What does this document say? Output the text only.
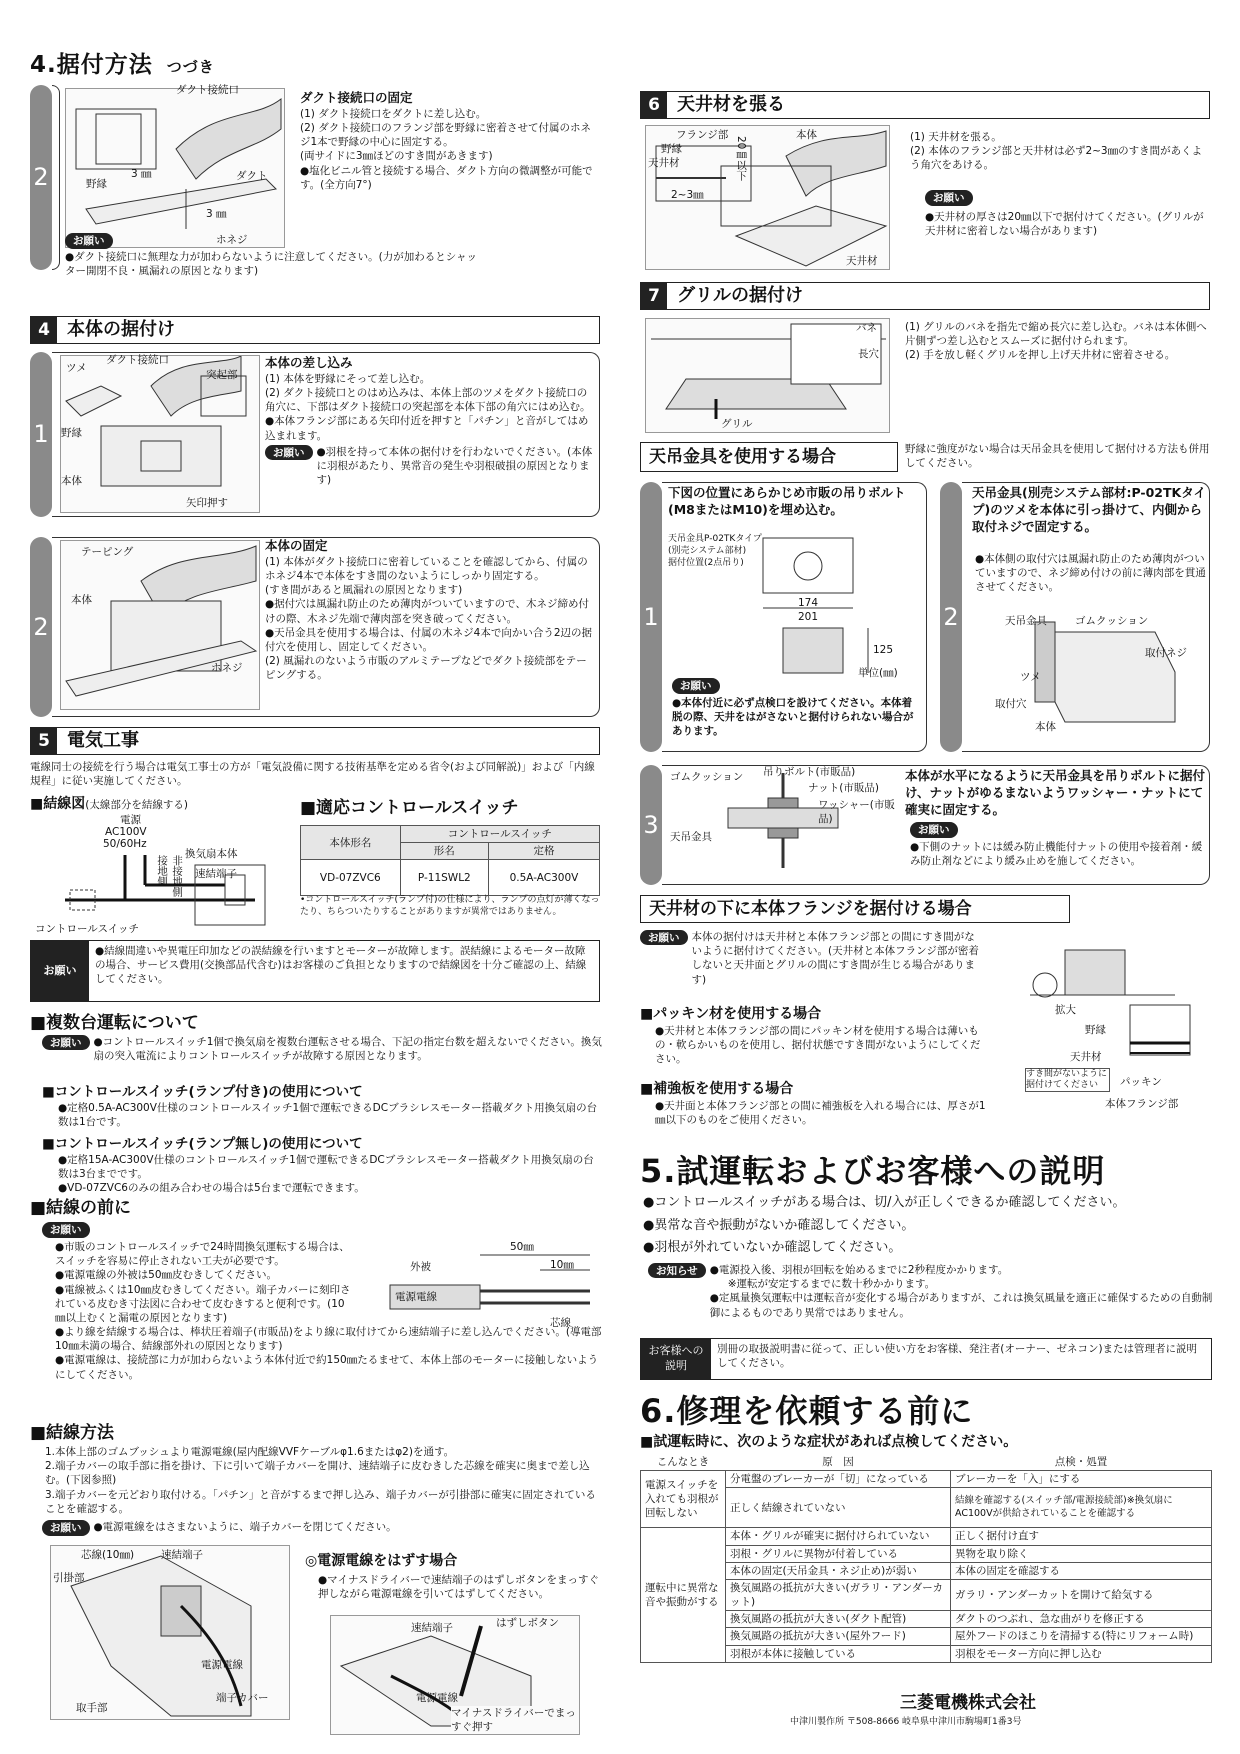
4.据付方法 つづき
2
ダクト接続口
ダクト
野縁
3 ㎜
3 ㎜
ホネジ
ダクト接続口の固定

(1) ダクト接続口をダクトに差し込む。

(2) ダクト接続口のフランジ部を野縁に密着させて付属のホネジ1本で野縁の中心に固定する。

(両サイドに3㎜ほどのすき間があきます)

●塩化ビニル管と接続する場合、ダクト方向の微調整が可能です。(全方向7°)

お願い
●ダクト接続口に無理な力が加わらないように注意してください。(力が加わるとシャッター開閉不良・風漏れの原因となります)
4 本体の据付け
1
ツメ
ダクト接続口
突起部
野縁
本体
矢印押す
本体の差し込み

(1) 本体を野縁にそって差し込む。

(2) ダクト接続口とのはめ込みは、本体上部のツメをダクト接続口の角穴に、下部はダクト接続口の突起部を本体下部の角穴にはめ込む。

●本体フランジ部にある矢印付近を押すと「パチン」と音がしてはめ込まれます。

お願い	●羽根を持って本体の据付けを行わないでください。(本体に羽根があたり、異常音の発生や羽根破損の原因となります)
2
テーピング
本体
ホネジ
本体の固定

(1) 本体がダクト接続口に密着していることを確認してから、付属のホネジ4本で本体をすき間のないようにしっかり固定する。

(すき間があると風漏れの原因となります)

●据付穴は風漏れ防止のため薄肉がついていますので、木ネジ締め付けの際、木ネジ先端で薄肉部を突き破ってください。

●天吊金具を使用する場合は、付属の木ネジ4本で向かい合う2辺の据付穴を使用し、固定してください。

(2) 風漏れのないよう市販のアルミテープなどでダクト接続部をテーピングする。

5 電気工事
電線同士の接続を行う場合は電気工事士の方が「電気設備に関する技術基準を定める省令(および同解説)」および「内線規程」に従い実施してください。
■結線図(太線部分を結線する)
電源
AC100V
50/60Hz
接地側 非接地側
換気扇本体
速結端子
コントロールスイッチ
■適応コントロールスイッチ
本体形名	コントロールスイッチ	
	形名	定格
VD-07ZVC6	P-11SWL2	0.5A-AC300V
•コントロールスイッチ(ランプ付)の仕様により、ランプの点灯が薄くなったり、ちらついたりすることがありますが異常ではありません。
お願い
●結線間違いや異電圧印加などの誤結線を行いますとモーターが故障します。誤結線によるモーター故障の場合、サービス費用(交換部品代含む)はお客様のご負担となりますので結線図を十分ご確認の上、結線してください。
■複数台運転について
お願い	●コントロールスイッチ1個で換気扇を複数台運転させる場合、下記の指定台数を超えないでください。換気扇の突入電流によりコントロールスイッチが故障する原因となります。
■コントロールスイッチ(ランプ付き)の使用について
●定格0.5A-AC300V仕様のコントロールスイッチ1個で運転できるDCブラシレスモーター搭載ダクト用換気扇の台数は1台です。
■コントロールスイッチ(ランプ無し)の使用について

●定格15A-AC300V仕様のコントロールスイッチ1個で運転できるDCブラシレスモーター搭載ダクト用換気扇の台数は3台までです。

●VD-07ZVC6のみの組み合わせの場合は5台まで運転できます。

■結線の前に
お願い

●市販のコントロールスイッチで24時間換気運転する場合は、スイッチを容易に停止されない工夫が必要です。

●電源電線の外被は50㎜皮むきしてください。

●電線被ふくは10㎜皮むきしてください。端子カバーに刻印されている皮むき寸法図に合わせて皮むきすると便利です。(10㎜以上むくと漏電の原因となります)

●より線を結線する場合は、棒状圧着端子(市販品)をより線に取付けてから速結端子に差し込んでください。(導電部10㎜未満の場合、結線部外れの原因となります)

●電源電線は、接続部に力が加わらないよう本体付近で約150㎜たるませて、本体上部のモーターに接触しないようにしてください。

外被
50㎜
10㎜
電源電線
芯線
■結線方法

1.本体上部のゴムブッシュより電源電線(屋内配線VVFケーブルφ1.6またはφ2)を通す。

2.端子カバーの取手部に指を掛け、下に引いて端子カバーを開け、速結端子に皮むきした芯線を確実に奥まで差し込む。(下図参照)

3.端子カバーを元どおり取付ける。「パチン」と音がするまで押し込み、端子カバーが引掛部に確実に固定されていることを確認する。

お願い	●電源電線をはさまないように、端子カバーを閉じてください。
芯線(10㎜)	速結端子
引掛部
電源電線
取手部
端子カバー
◎電源電線をはずす場合
●マイナスドライバーで速結端子のはずしボタンをまっすぐ押しながら電源電線を引いてはずしてください。
速結端子	はずしボタン
電源電線
マイナスドライバーでまっすぐ押す
6 天井材を張る
フランジ部
野縁
天井材	20㎜以下
2~3㎜
本体
天井材

(1) 天井材を張る。

(2) 本体のフランジ部と天井材は必ず2~3㎜のすき間があくよう角穴をあける。

お願い
●天井材の厚さは20㎜以下で据付けてください。(グリルが天井材に密着しない場合があります)
7 グリルの据付け
バネ
長穴
グリル

(1) グリルのバネを指先で縮め長穴に差し込む。バネは本体側へ片側ずつ差し込むとスムーズに据付けられます。

(2) 手を放し軽くグリルを押し上げ天井材に密着させる。

天吊金具を使用する場合	野縁に強度がない場合は天吊金具を使用して据付ける方法も併用してください。
1
下図の位置にあらかじめ市販の吊りボルト(M8またはM10)を埋め込む。
天吊金具P-02TKタイプ
(別売システム部材)
据付位置(2点吊り)
174
201
125
単位(㎜)
お願い
●本体付近に必ず点検口を設けてください。本体着脱の際、天井をはがさないと据付けられない場合があります。
2
天吊金具(別売システム部材:P-02TKタイプ)のツメを本体に引っ掛けて、内側から取付ネジで固定する。
●本体側の取付穴は風漏れ防止のため薄肉がついていますので、ネジ締め付けの前に薄肉部を貫通させてください。
天吊金具	ゴムクッション
取付ネジ
ツメ
取付穴
本体
3
ゴムクッション 吊りボルト(市販品)
ナット(市販品)
ワッシャー(市販品)
天吊金具
本体が水平になるように天吊金具を吊りボルトに据付け、ナットがゆるまないようワッシャー・ナットにて確実に固定する。
お願い
●下側のナットには緩み防止機能付ナットの使用や接着剤・緩み防止剤などにより緩み止めを施してください。
天井材の下に本体フランジを据付ける場合
お願い	本体の据付けは天井材と本体フランジ部との間にすき間がないように据付けてください。(天井材と本体フランジ部が密着しないと天井面とグリルの間にすき間が生じる場合があります)
■パッキン材を使用する場合
●天井材と本体フランジ部の間にパッキン材を使用する場合は薄いもの・軟らかいものを使用し、据付状態ですき間がないようにしてください。
■補強板を使用する場合
●天井面と本体フランジ部との間に補強板を入れる場合には、厚さが1㎜以下のものをご使用ください。
拡大
野縁
天井材
すき間がないように据付けてください	パッキン
本体フランジ部
5.試運転およびお客様への説明

●コントロールスイッチがある場合は、切/入が正しくできるか確認してください。

●異常な音や振動がないか確認してください。

●羽根が外れていないか確認してください。

お知らせ	●電源投入後、羽根が回転を始めるまでに2秒程度かかります。

※運転が安定するまでに数十秒かかります。

●定風量換気運転中は運転音が変化する場合がありますが、これは換気風量を適正に確保するための自動制御によるものであり異常ではありません。

お客様への説明
別冊の取扱説明書に従って、正しい使い方をお客様、発注者(オーナー、ゼネコン)または管理者に説明してください。
6.修理を依頼する前に
■試運転時に、次のような症状があれば点検してください。
こんなとき	原　因	点検・処置
電源スイッチを入れても羽根が回転しない	分電盤のブレーカーが「切」になっている	ブレーカーを「入」にする
	正しく結線されていない	結線を確認する(スイッチ部/電源接続部)※換気扇にAC100Vが供給されていることを確認する
運転中に異常な音や振動がする	本体・グリルが確実に据付けられていない	正しく据付け直す
	羽根・グリルに異物が付着している	異物を取り除く
	本体の固定(天吊金具・ネジ止め)が弱い	本体の固定を確認する
	換気風路の抵抗が大きい(ガラリ・アンダーカット)	ガラリ・アンダーカットを開けて給気する
	換気風路の抵抗が大きい(ダクト配管)	ダクトのつぶれ、急な曲がりを修正する
	換気風路の抵抗が大きい(屋外フード)	屋外フードのほこりを清掃する(特にリフォーム時)
	羽根が本体に接触している	羽根をモーター方向に押し込む
三菱電機株式会社
中津川製作所 〒508-8666 岐阜県中津川市駒場町1番3号
